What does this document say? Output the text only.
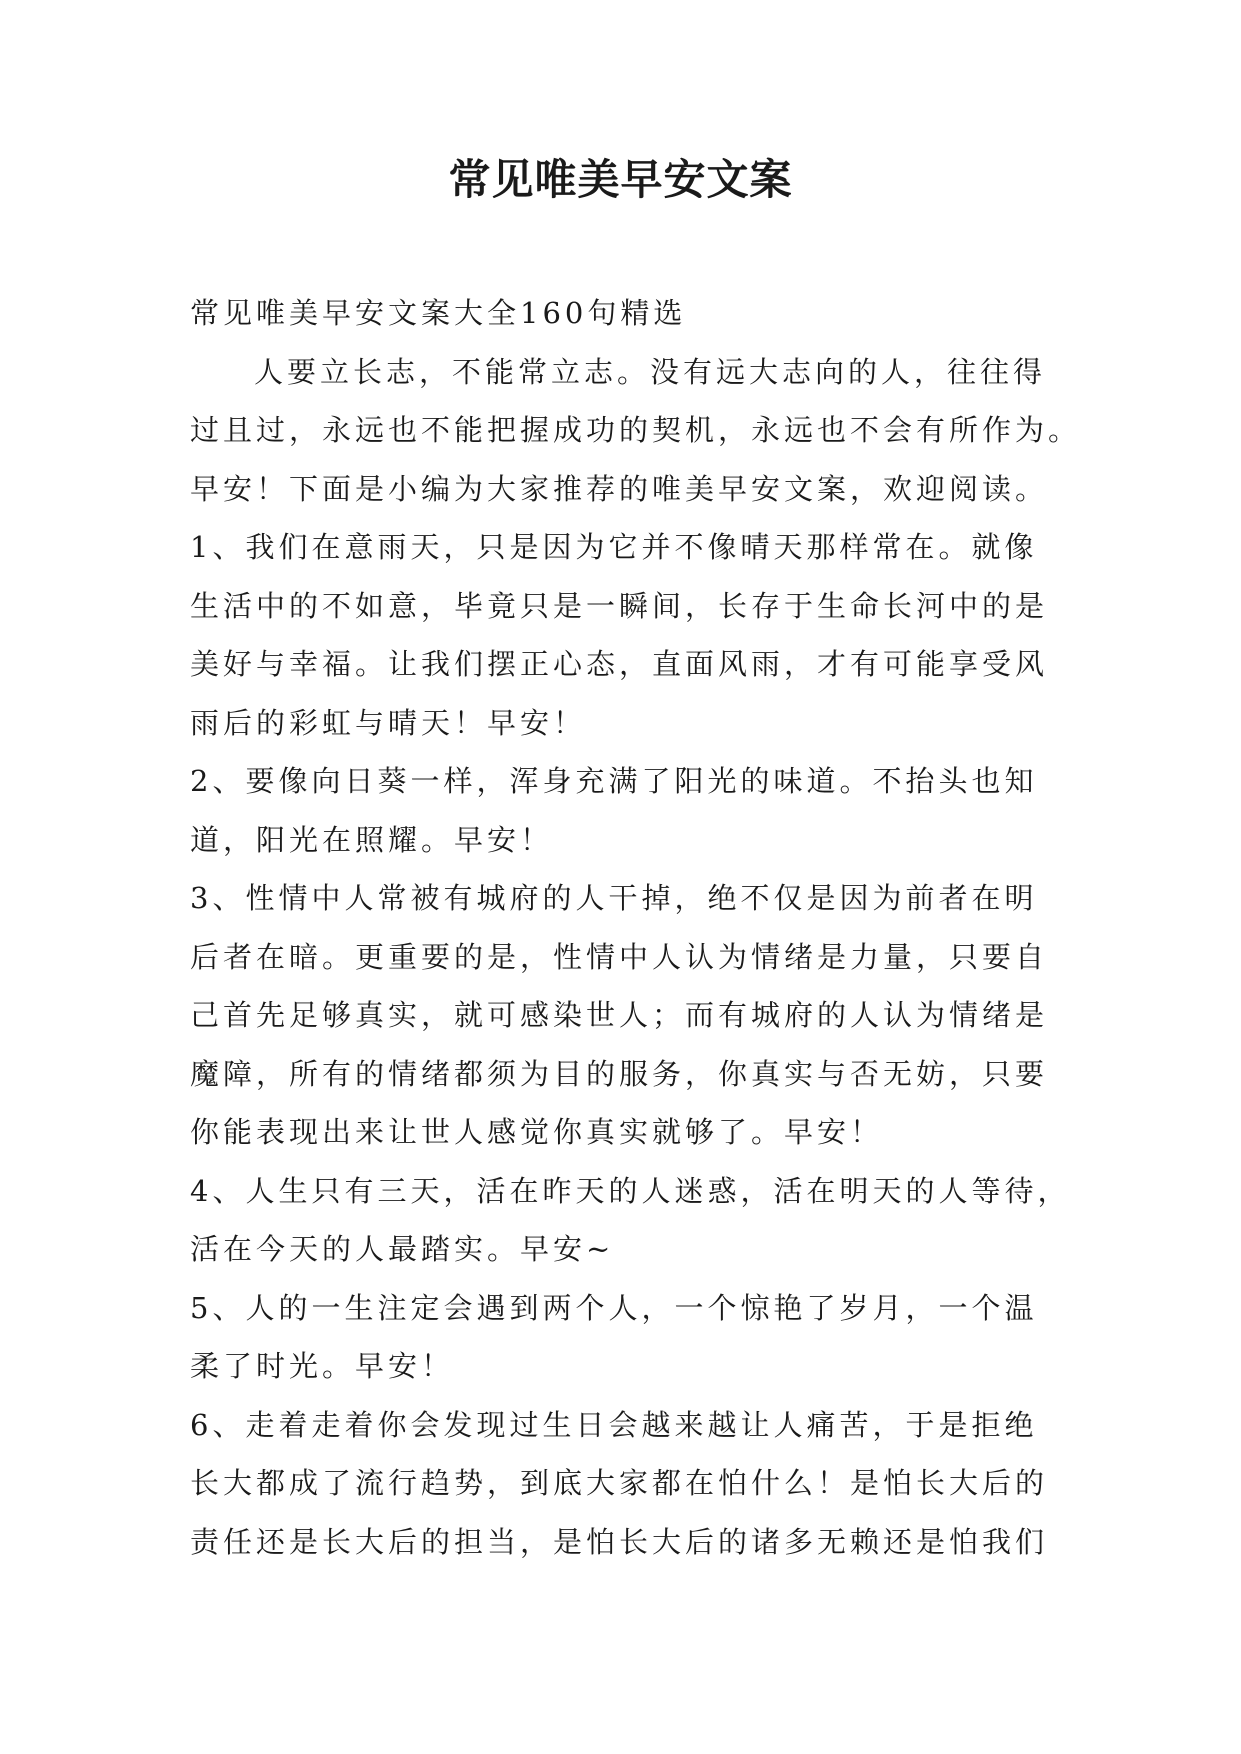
常见唯美早安文案
常见唯美早安文案大全160句精选
人要立长志，不能常立志。没有远大志向的人，往往得
过且过，永远也不能把握成功的契机，永远也不会有所作为。
早安！下面是小编为大家推荐的唯美早安文案，欢迎阅读。
1、我们在意雨天，只是因为它并不像晴天那样常在。就像
生活中的不如意，毕竟只是一瞬间，长存于生命长河中的是
美好与幸福。让我们摆正心态，直面风雨，才有可能享受风
雨后的彩虹与晴天！早安！
2、要像向日葵一样，浑身充满了阳光的味道。不抬头也知
道，阳光在照耀。早安！
3、性情中人常被有城府的人干掉，绝不仅是因为前者在明
后者在暗。更重要的是，性情中人认为情绪是力量，只要自
己首先足够真实，就可感染世人；而有城府的人认为情绪是
魔障，所有的情绪都须为目的服务，你真实与否无妨，只要
你能表现出来让世人感觉你真实就够了。早安！
4、人生只有三天，活在昨天的人迷惑，活在明天的人等待，
活在今天的人最踏实。早安~
5、人的一生注定会遇到两个人，一个惊艳了岁月，一个温
柔了时光。早安！
6、走着走着你会发现过生日会越来越让人痛苦，于是拒绝
长大都成了流行趋势，到底大家都在怕什么！是怕长大后的
责任还是长大后的担当，是怕长大后的诸多无赖还是怕我们
